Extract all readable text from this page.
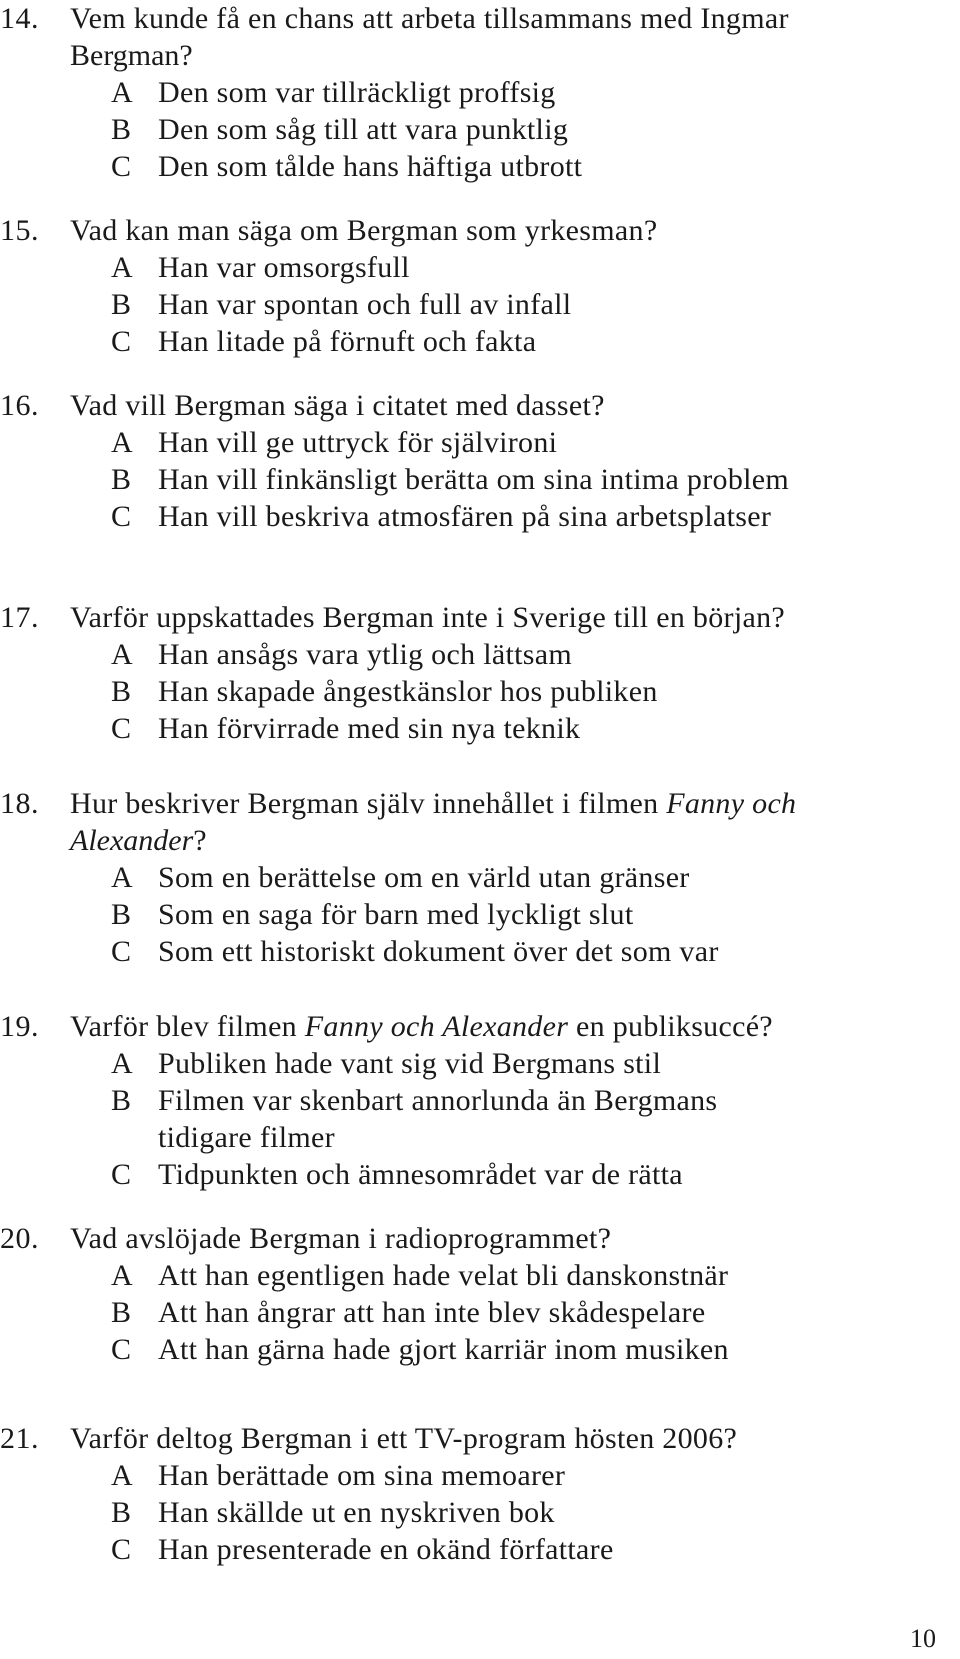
14. Vem kunde få en chans att arbeta tillsammans med Ingmar
Bergman?
A Den som var tillräckligt proffsig
B Den som såg till att vara punktlig
C Den som tålde hans häftiga utbrott
15. Vad kan man säga om Bergman som yrkesman?
A Han var omsorgsfull
B Han var spontan och full av infall
C Han litade på förnuft och fakta
16. Vad vill Bergman säga i citatet med dasset?
A Han vill ge uttryck för självironi
B Han vill finkänsligt berätta om sina intima problem
C Han vill beskriva atmosfären på sina arbetsplatser
17. Varför uppskattades Bergman inte i Sverige till en början?
A Han ansågs vara ytlig och lättsam
B Han skapade ångestkänslor hos publiken
C Han förvirrade med sin nya teknik
18. Hur beskriver Bergman själv innehållet i filmen Fanny och
Alexander?
A Som en berättelse om en värld utan gränser
B Som en saga för barn med lyckligt slut
C Som ett historiskt dokument över det som var
19. Varför blev filmen Fanny och Alexander en publiksuccé?
A Publiken hade vant sig vid Bergmans stil
B Filmen var skenbart annorlunda än Bergmans
tidigare filmer
C Tidpunkten och ämnesområdet var de rätta
20. Vad avslöjade Bergman i radioprogrammet?
A Att han egentligen hade velat bli danskonstnär
B Att han ångrar att han inte blev skådespelare
C Att han gärna hade gjort karriär inom musiken
21. Varför deltog Bergman i ett TV-program hösten 2006?
A Han berättade om sina memoarer
B Han skällde ut en nyskriven bok
C Han presenterade en okänd författare
10
